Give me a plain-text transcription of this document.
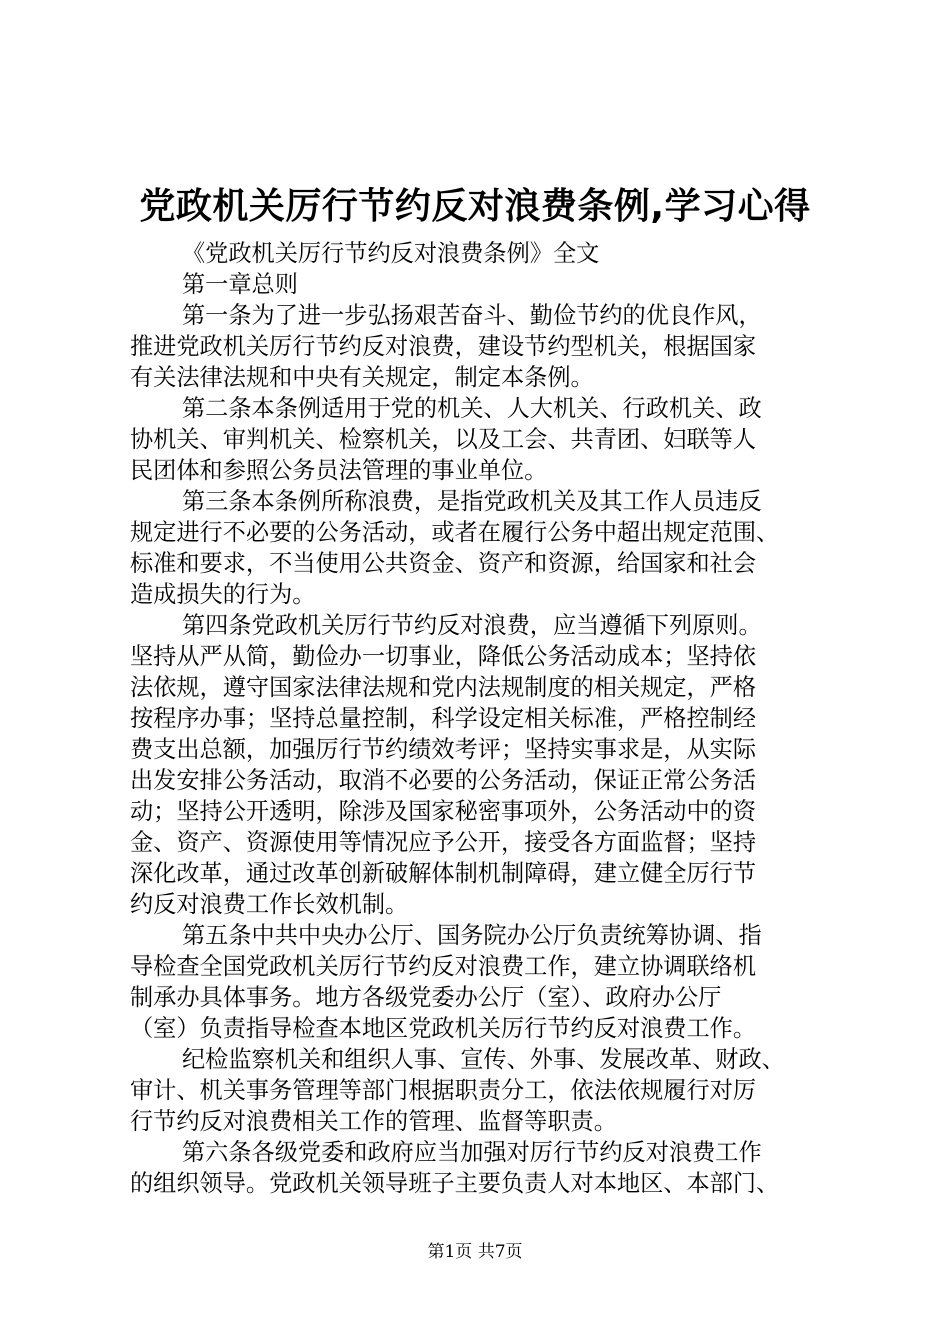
党政机关厉行节约反对浪费条例,学习心得
《党政机关厉行节约反对浪费条例》全文
第一章总则
第一条为了进一步弘扬艰苦奋斗、勤俭节约的优良作风，
推进党政机关厉行节约反对浪费，建设节约型机关，根据国家
有关法律法规和中央有关规定，制定本条例。
第二条本条例适用于党的机关、人大机关、行政机关、政
协机关、审判机关、检察机关，以及工会、共青团、妇联等人
民团体和参照公务员法管理的事业单位。
第三条本条例所称浪费，是指党政机关及其工作人员违反
规定进行不必要的公务活动，或者在履行公务中超出规定范围、
标准和要求，不当使用公共资金、资产和资源，给国家和社会
造成损失的行为。
第四条党政机关厉行节约反对浪费，应当遵循下列原则。
坚持从严从简，勤俭办一切事业，降低公务活动成本；坚持依
法依规，遵守国家法律法规和党内法规制度的相关规定，严格
按程序办事；坚持总量控制，科学设定相关标准，严格控制经
费支出总额，加强厉行节约绩效考评；坚持实事求是，从实际
出发安排公务活动，取消不必要的公务活动，保证正常公务活
动；坚持公开透明，除涉及国家秘密事项外，公务活动中的资
金、资产、资源使用等情况应予公开，接受各方面监督；坚持
深化改革，通过改革创新破解体制机制障碍，建立健全厉行节
约反对浪费工作长效机制。
第五条中共中央办公厅、国务院办公厅负责统筹协调、指
导检查全国党政机关厉行节约反对浪费工作，建立协调联络机
制承办具体事务。地方各级党委办公厅（室）、政府办公厅
（室）负责指导检查本地区党政机关厉行节约反对浪费工作。
纪检监察机关和组织人事、宣传、外事、发展改革、财政、
审计、机关事务管理等部门根据职责分工，依法依规履行对厉
行节约反对浪费相关工作的管理、监督等职责。
第六条各级党委和政府应当加强对厉行节约反对浪费工作
的组织领导。党政机关领导班子主要负责人对本地区、本部门、
第1页 共7页
